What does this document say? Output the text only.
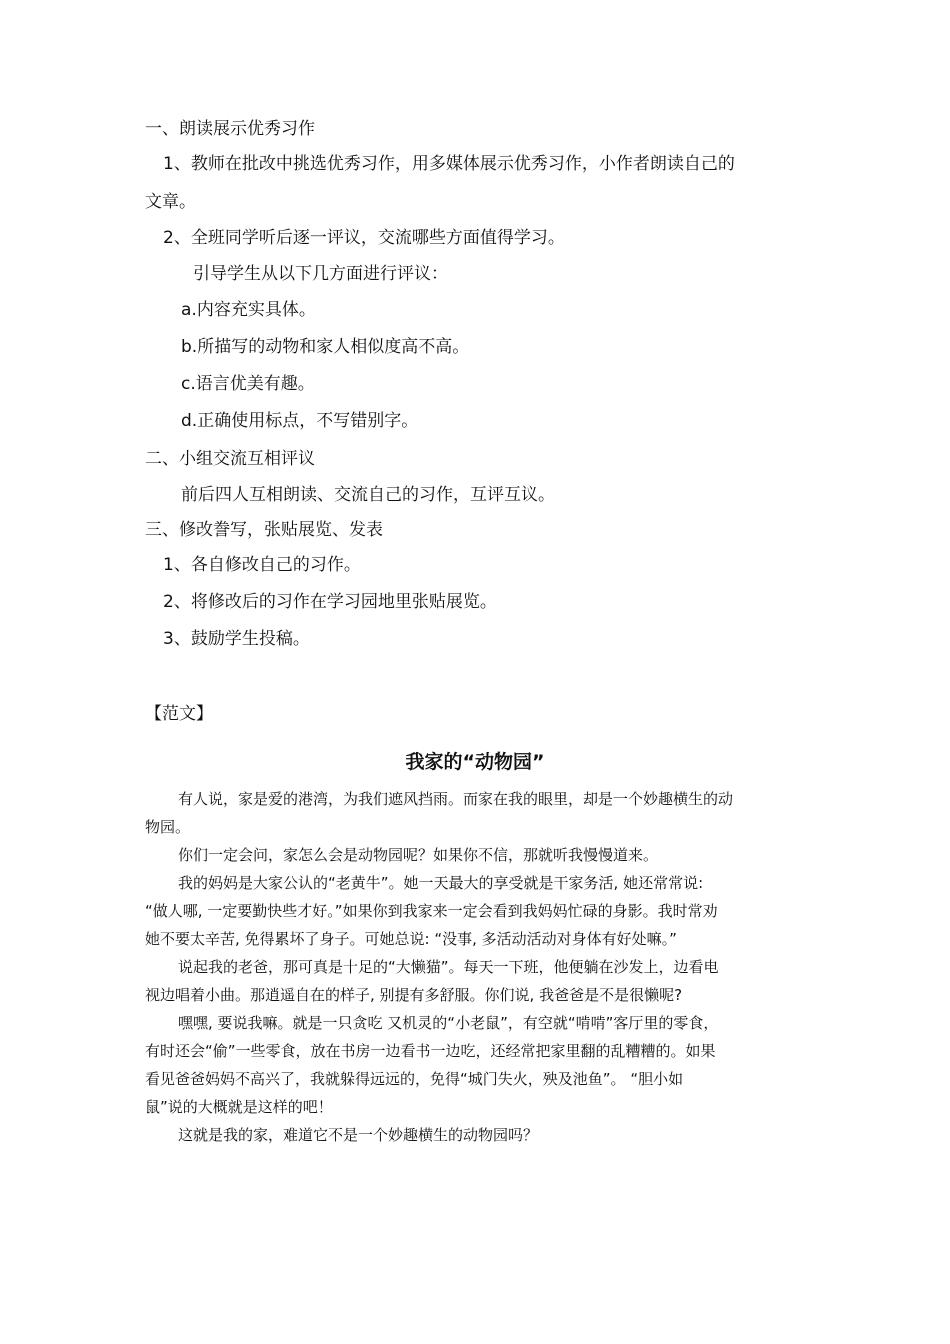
一、朗读展示优秀习作
1、教师在批改中挑选优秀习作，用多媒体展示优秀习作，小作者朗读自己的
文章。
2、全班同学听后逐一评议，交流哪些方面值得学习。
引导学生从以下几方面进行评议：
a.内容充实具体。
b.所描写的动物和家人相似度高不高。
c.语言优美有趣。
d.正确使用标点，不写错别字。
二、小组交流互相评议
前后四人互相朗读、交流自己的习作，互评互议。
三、修改誊写，张贴展览、发表
1、各自修改自己的习作。
2、将修改后的习作在学习园地里张贴展览。
3、鼓励学生投稿。
【范文】
我家的“动物园”
有人说，家是爱的港湾，为我们遮风挡雨。而家在我的眼里，却是一个妙趣横生的动
物园。
你们一定会问，家怎么会是动物园呢？如果你不信，那就听我慢慢道来。
我的妈妈是大家公认的“老黄牛”。她一天最大的享受就是干家务活, 她还常常说:
“做人哪, 一定要勤快些才好。”如果你到我家来一定会看到我妈妈忙碌的身影。我时常劝
她不要太辛苦, 免得累坏了身子。可她总说: “没事, 多活动活动对身体有好处嘛。”
说起我的老爸，那可真是十足的“大懒猫”。每天一下班，他便躺在沙发上，边看电
视边唱着小曲。那逍遥自在的样子, 别提有多舒服。你们说, 我爸爸是不是很懒呢?
嘿嘿, 要说我嘛。就是一只贪吃 又机灵的“小老鼠”，有空就“啃啃”客厅里的零食，
有时还会“偷”一些零食，放在书房一边看书一边吃，还经常把家里翻的乱糟糟的。如果
看见爸爸妈妈不高兴了，我就躲得远远的，免得“城门失火，殃及池鱼”。 “胆小如
鼠”说的大概就是这样的吧！
这就是我的家，难道它不是一个妙趣横生的动物园吗？
